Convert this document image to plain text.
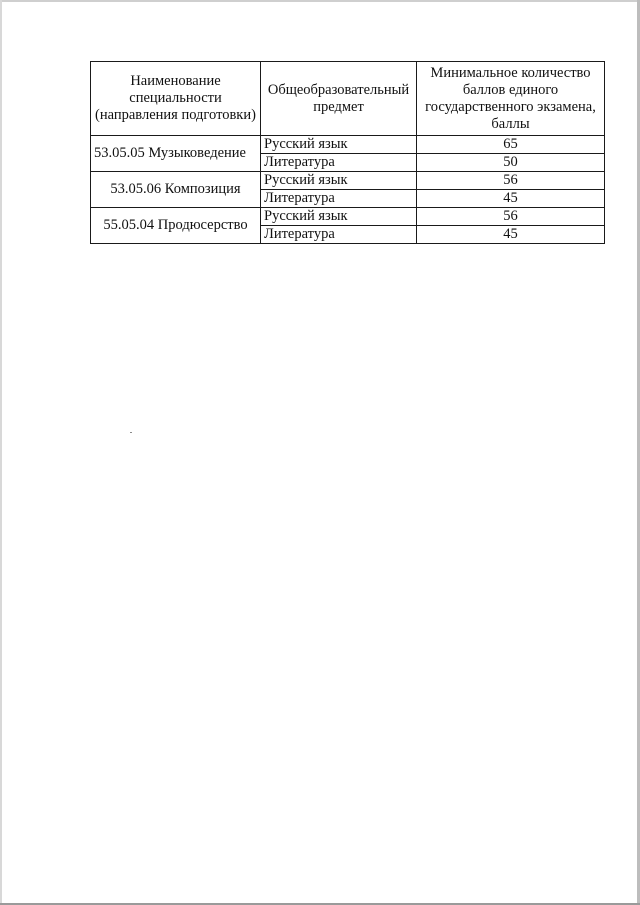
Наименование специальности (направления подготовки)	Общеобразовательный предмет	Минимальное количество баллов единого государственного экзамена, баллы
53.05.05 Музыковедение	Русский язык	65
	Литература	50
53.05.06 Композиция	Русский язык	56
	Литература	45
55.05.04 Продюсерство	Русский язык	56
	Литература	45
